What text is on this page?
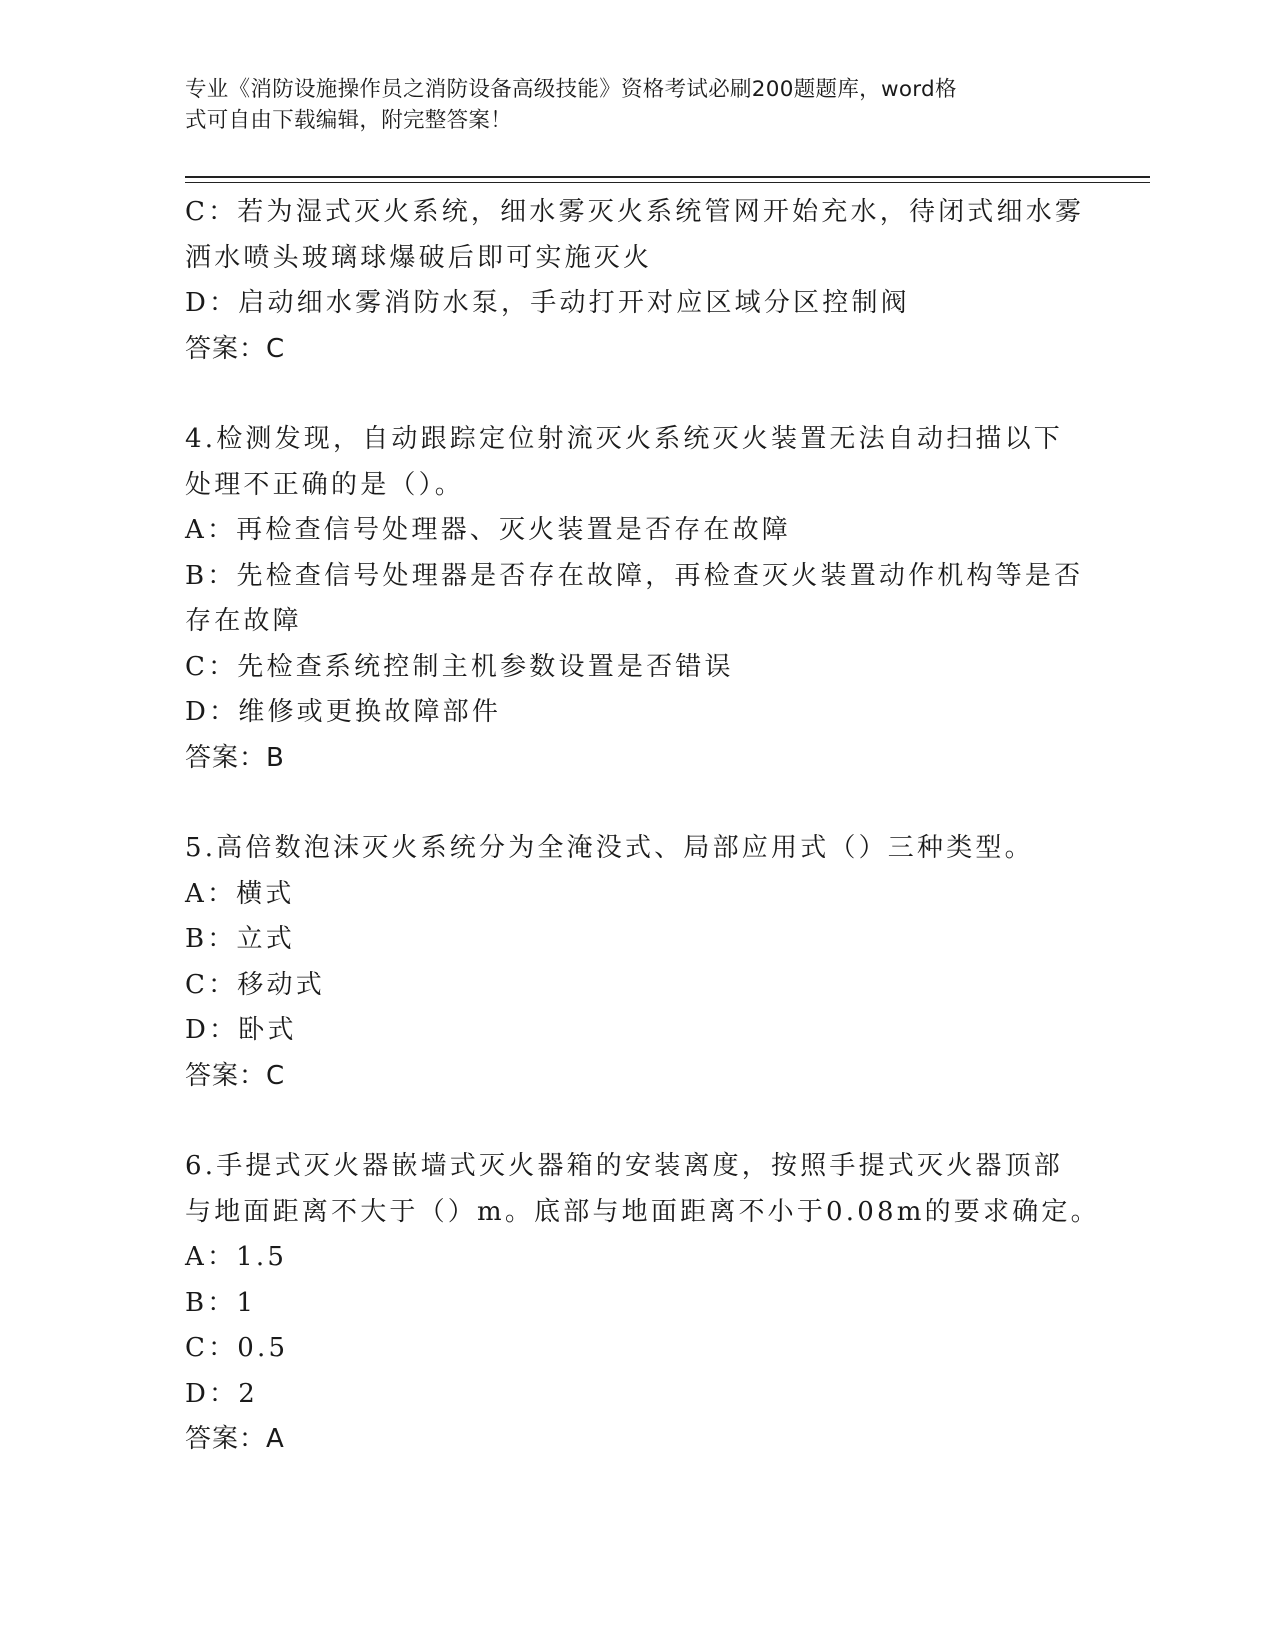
专业《消防设施操作员之消防设备高级技能》资格考试必刷200题题库，word格
式可自由下载编辑，附完整答案！
C：若为湿式灭火系统，细水雾灭火系统管网开始充水，待闭式细水雾
洒水喷头玻璃球爆破后即可实施灭火
D：启动细水雾消防水泵，手动打开对应区域分区控制阀
答案：C
4.检测发现，自动跟踪定位射流灭火系统灭火装置无法自动扫描以下
处理不正确的是（）。
A：再检查信号处理器、灭火装置是否存在故障
B：先检查信号处理器是否存在故障，再检查灭火装置动作机构等是否
存在故障
C：先检查系统控制主机参数设置是否错误
D：维修或更换故障部件
答案：B
5.高倍数泡沫灭火系统分为全淹没式、局部应用式（）三种类型。
A：横式
B：立式
C：移动式
D：卧式
答案：C
6.手提式灭火器嵌墙式灭火器箱的安装离度，按照手提式灭火器顶部
与地面距离不大于（）m。底部与地面距离不小于0.08m的要求确定。
A：1.5
B：1
C：0.5
D：2
答案：A
